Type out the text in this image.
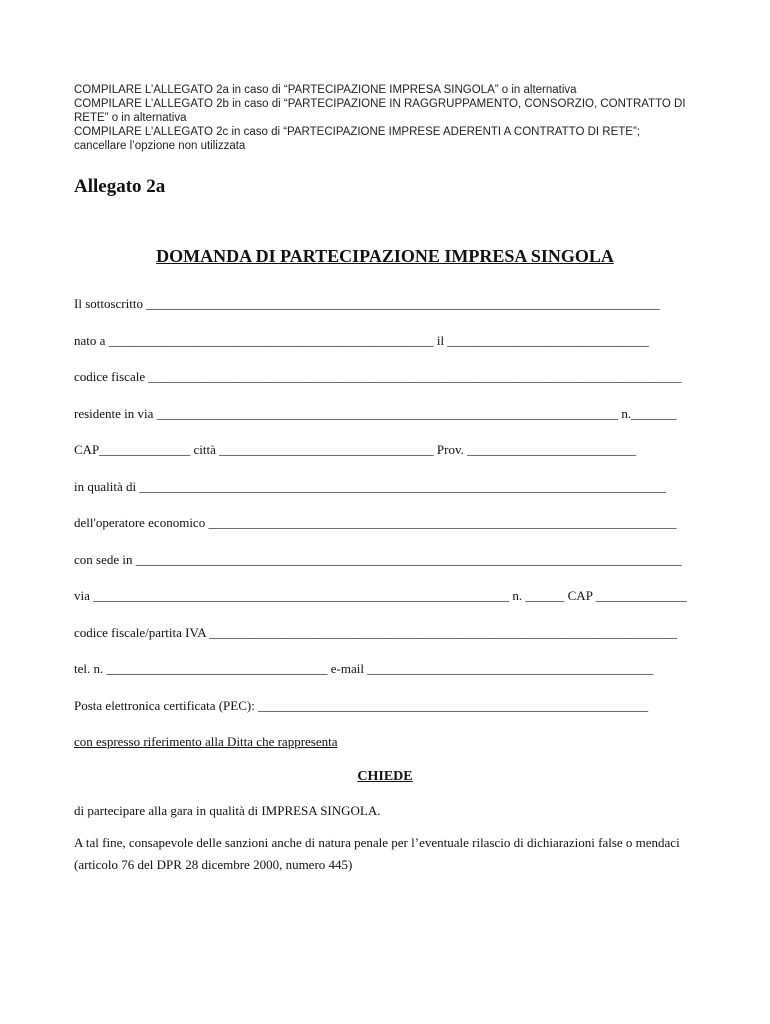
COMPILARE L’ALLEGATO 2a in caso di “PARTECIPAZIONE IMPRESA SINGOLA” o in alternativa
COMPILARE L’ALLEGATO 2b in caso di “PARTECIPAZIONE IN RAGGRUPPAMENTO, CONSORZIO, CONTRATTO DI RETE” o in alternativa
COMPILARE L’ALLEGATO 2c in caso di “PARTECIPAZIONE IMPRESE ADERENTI A CONTRATTO DI RETE”;
cancellare l’opzione non utilizzata
Allegato 2a
DOMANDA DI PARTECIPAZIONE IMPRESA SINGOLA
Il sottoscritto _______________________________________________________________________________
nato a __________________________________________________ il _______________________________
codice fiscale __________________________________________________________________________________
residente in via _______________________________________________________________________ n._______
CAP______________ città _________________________________ Prov. __________________________
in qualità di _________________________________________________________________________________
dell'operatore economico ________________________________________________________________________
con sede in ____________________________________________________________________________________
via ________________________________________________________________ n. ______ CAP ______________
codice fiscale/partita IVA ________________________________________________________________________
tel. n. __________________________________ e-mail ____________________________________________
Posta elettronica certificata (PEC): ____________________________________________________________
con espresso riferimento alla Ditta che rappresenta
CHIEDE
di partecipare alla gara in qualità di IMPRESA SINGOLA.
A tal fine, consapevole delle sanzioni anche di natura penale per l’eventuale rilascio di dichiarazioni false o mendaci (articolo 76 del DPR 28 dicembre 2000, numero 445)
